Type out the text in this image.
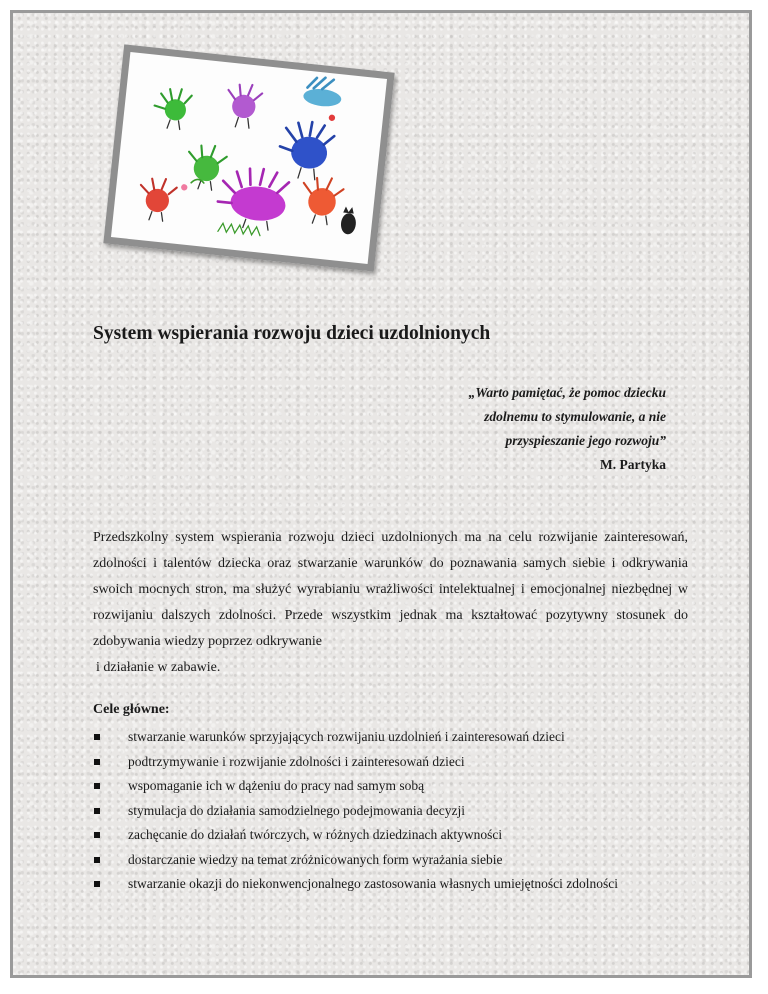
System wspierania rozwoju dzieci uzdolnionych
„Warto pamiętać, że pomoc dziecku
zdolnemu to stymulowanie, a nie
przyspieszanie jego rozwoju”
M. Partyka

Przedszkolny system wspierania rozwoju dzieci uzdolnionych ma na celu rozwijanie zainteresowań, zdolności i talentów dziecka oraz stwarzanie warunków do poznawania samych siebie i odkrywania swoich mocnych stron, ma służyć wyrabianiu wrażliwości intelektualnej i emocjonalnej niezbędnej w rozwijaniu dalszych zdolności. Przede wszystkim jednak ma kształtować pozytywny stosunek do zdobywania wiedzy poprzez odkrywanie
i działanie w zabawie.

Cele główne:
stwarzanie warunków sprzyjających rozwijaniu uzdolnień i zainteresowań dzieci
podtrzymywanie i rozwijanie zdolności i zainteresowań dzieci
wspomaganie ich w dążeniu do pracy nad samym sobą
stymulacja do działania samodzielnego podejmowania decyzji
zachęcanie do działań twórczych, w różnych dziedzinach aktywności
dostarczanie wiedzy na temat zróżnicowanych form wyrażania siebie
stwarzanie okazji do niekonwencjonalnego zastosowania własnych umiejętności zdolności
